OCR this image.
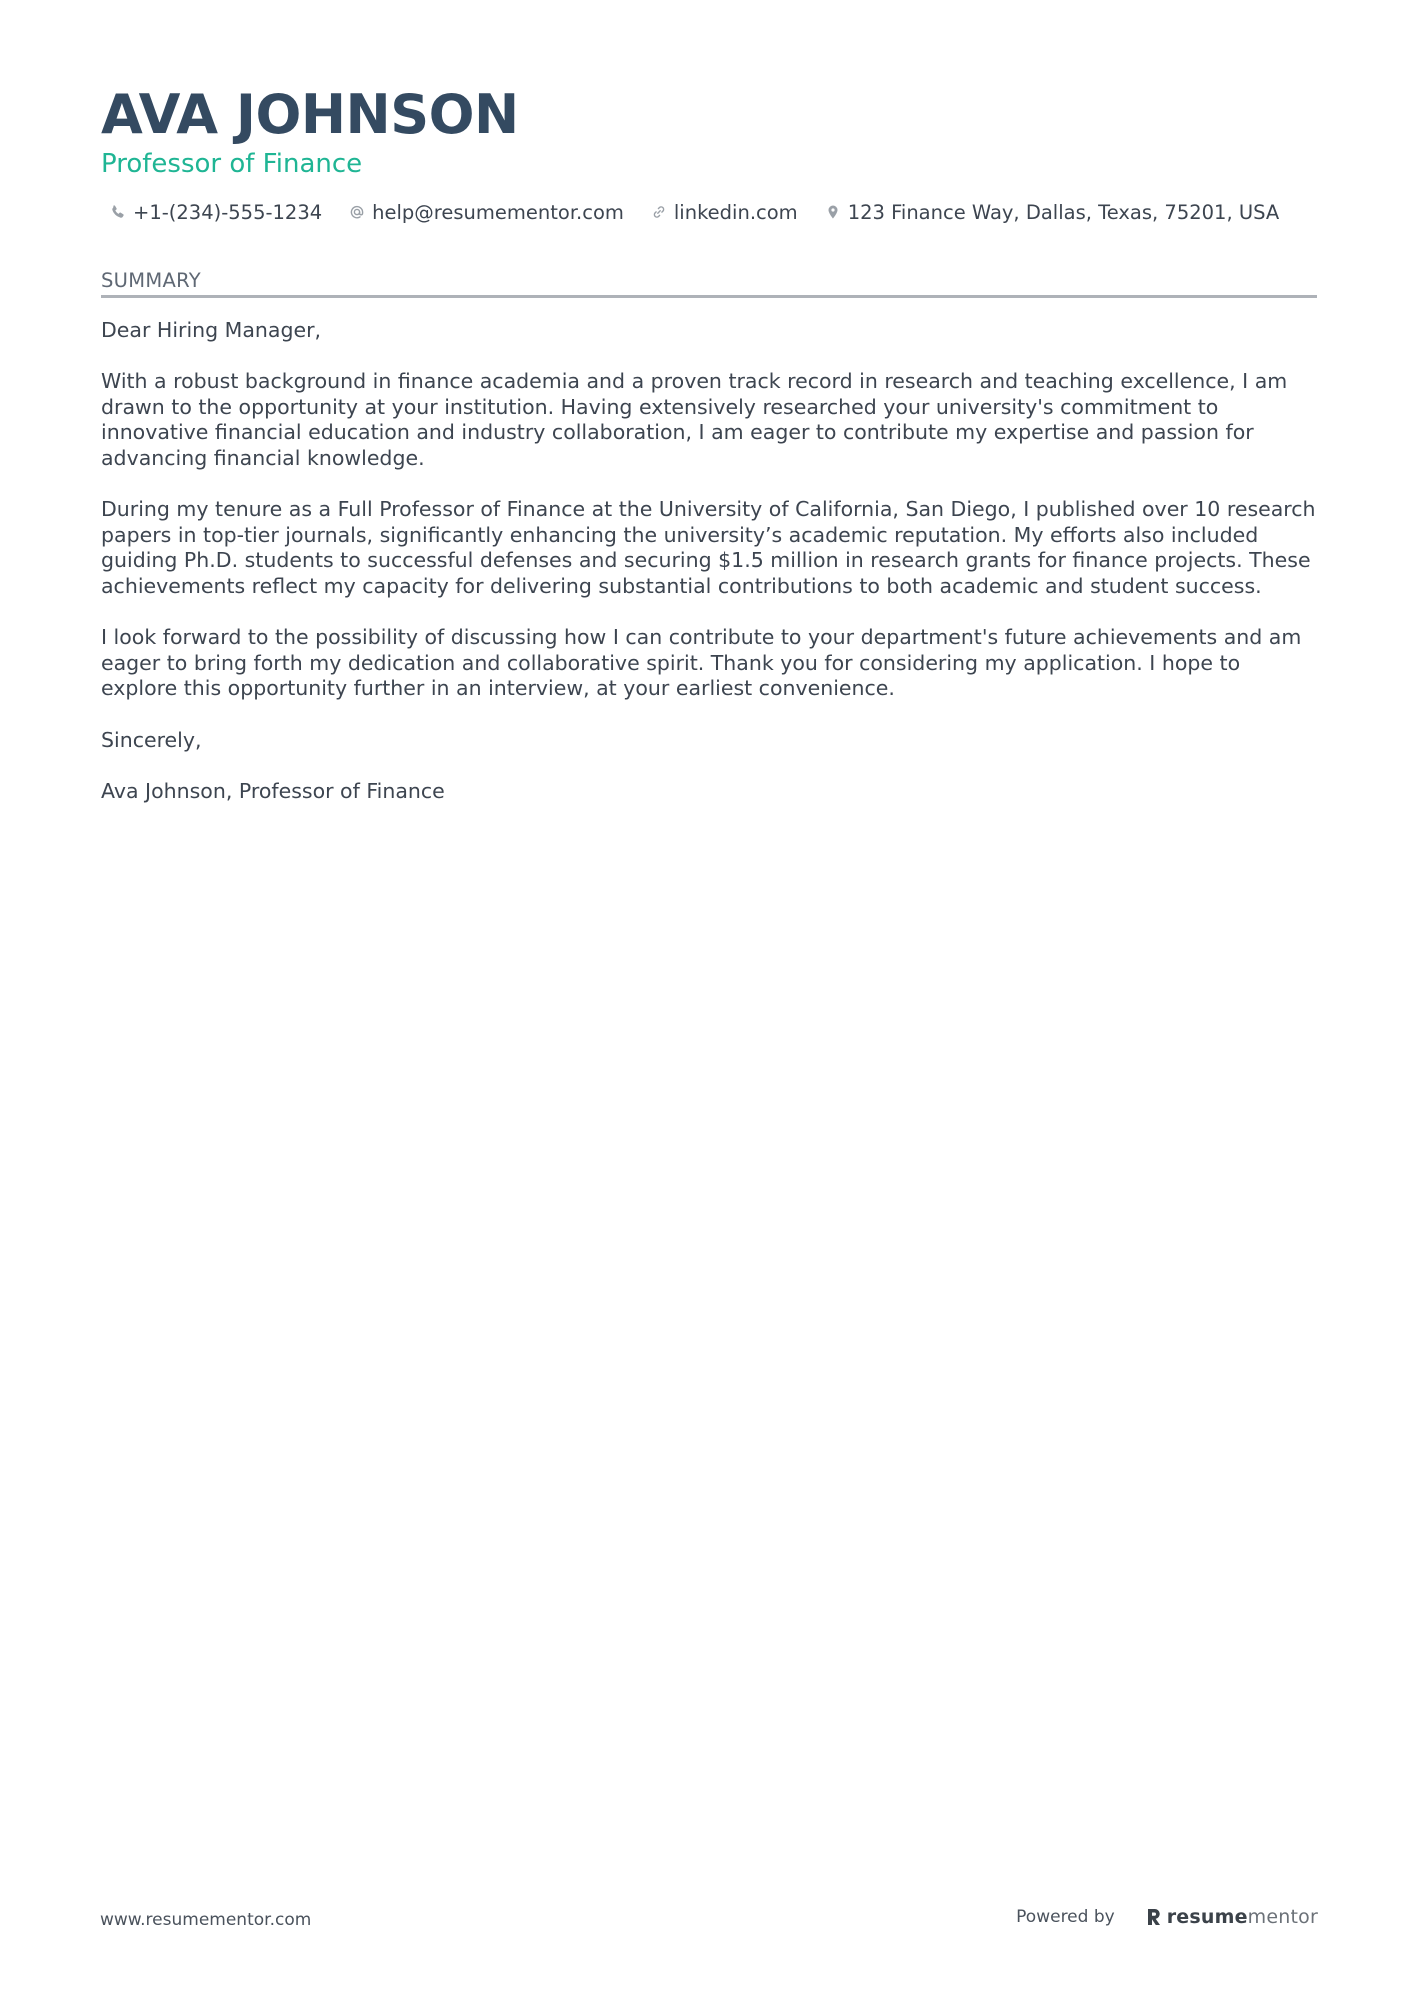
AVA JOHNSON
Professor of Finance
+1-(234)-555-1234	help@resumementor.com	linkedin.com	123 Finance Way, Dallas, Texas, 75201, USA
SUMMARY

Dear Hiring Manager,

With a robust background in finance academia and a proven track record in research and teaching excellence, I am drawn to the opportunity at your institution. Having extensively researched your university's commitment to innovative financial education and industry collaboration, I am eager to contribute my expertise and passion for advancing financial knowledge.

During my tenure as a Full Professor of Finance at the University of California, San Diego, I published over 10 research papers in top-tier journals, significantly enhancing the university’s academic reputation. My efforts also included guiding Ph.D. students to successful defenses and securing $1.5 million in research grants for finance projects. These achievements reflect my capacity for delivering substantial contributions to both academic and student success.

I look forward to the possibility of discussing how I can contribute to your department's future achievements and am eager to bring forth my dedication and collaborative spirit. Thank you for considering my application. I hope to explore this opportunity further in an interview, at your earliest convenience.

Sincerely,

Ava Johnson, Professor of Finance

www.resumementor.com	Powered by	resumementor
